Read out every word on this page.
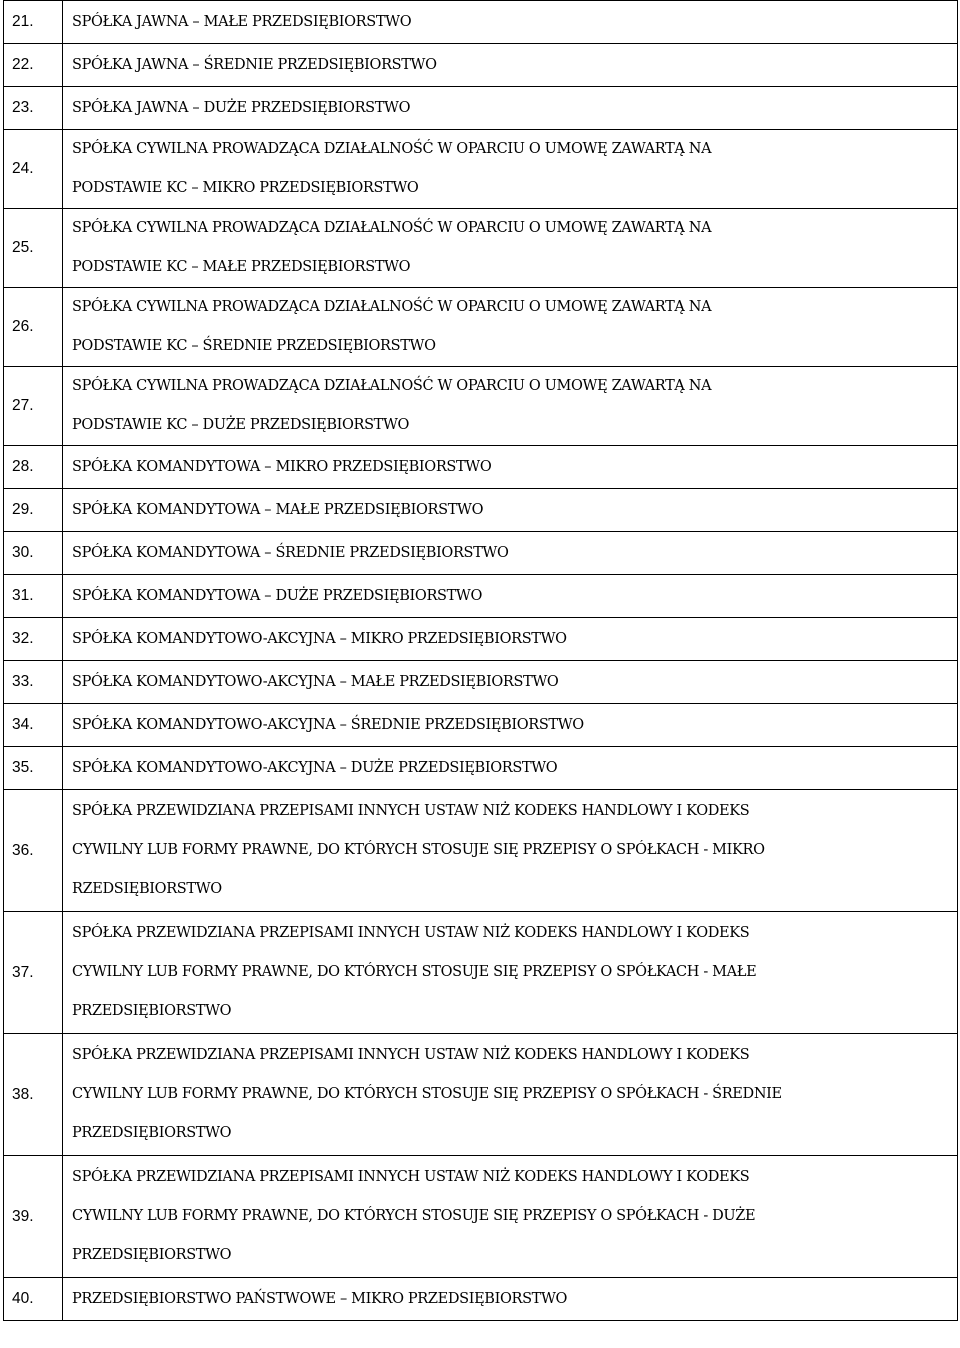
21.	SPÓŁKA JAWNA – MAŁE PRZEDSIĘBIORSTWO

22.	SPÓŁKA JAWNA – ŚREDNIE PRZEDSIĘBIORSTWO

23.	SPÓŁKA JAWNA – DUŻE PRZEDSIĘBIORSTWO

24.	SPÓŁKA CYWILNA PROWADZĄCA DZIAŁALNOŚĆ W OPARCIU O UMOWĘ ZAWARTĄ NA
PODSTAWIE KC – MIKRO PRZEDSIĘBIORSTWO

25.	SPÓŁKA CYWILNA PROWADZĄCA DZIAŁALNOŚĆ W OPARCIU O UMOWĘ ZAWARTĄ NA
PODSTAWIE KC – MAŁE PRZEDSIĘBIORSTWO

26.	SPÓŁKA CYWILNA PROWADZĄCA DZIAŁALNOŚĆ W OPARCIU O UMOWĘ ZAWARTĄ NA
PODSTAWIE KC – ŚREDNIE PRZEDSIĘBIORSTWO

27.	SPÓŁKA CYWILNA PROWADZĄCA DZIAŁALNOŚĆ W OPARCIU O UMOWĘ ZAWARTĄ NA
PODSTAWIE KC – DUŻE PRZEDSIĘBIORSTWO

28.	SPÓŁKA KOMANDYTOWA – MIKRO PRZEDSIĘBIORSTWO

29.	SPÓŁKA KOMANDYTOWA – MAŁE PRZEDSIĘBIORSTWO

30.	SPÓŁKA KOMANDYTOWA – ŚREDNIE PRZEDSIĘBIORSTWO

31.	SPÓŁKA KOMANDYTOWA – DUŻE PRZEDSIĘBIORSTWO

32.	SPÓŁKA KOMANDYTOWO-AKCYJNA – MIKRO PRZEDSIĘBIORSTWO

33.	SPÓŁKA KOMANDYTOWO-AKCYJNA – MAŁE PRZEDSIĘBIORSTWO

34.	SPÓŁKA KOMANDYTOWO-AKCYJNA – ŚREDNIE PRZEDSIĘBIORSTWO

35.	SPÓŁKA KOMANDYTOWO-AKCYJNA – DUŻE PRZEDSIĘBIORSTWO

36.	SPÓŁKA PRZEWIDZIANA PRZEPISAMI INNYCH USTAW NIŻ KODEKS HANDLOWY I KODEKS
CYWILNY LUB FORMY PRAWNE, DO KTÓRYCH STOSUJE SIĘ PRZEPISY O SPÓŁKACH - MIKRO
RZEDSIĘBIORSTWO

37.	SPÓŁKA PRZEWIDZIANA PRZEPISAMI INNYCH USTAW NIŻ KODEKS HANDLOWY I KODEKS
CYWILNY LUB FORMY PRAWNE, DO KTÓRYCH STOSUJE SIĘ PRZEPISY O SPÓŁKACH - MAŁE
PRZEDSIĘBIORSTWO

38.	SPÓŁKA PRZEWIDZIANA PRZEPISAMI INNYCH USTAW NIŻ KODEKS HANDLOWY I KODEKS
CYWILNY LUB FORMY PRAWNE, DO KTÓRYCH STOSUJE SIĘ PRZEPISY O SPÓŁKACH - ŚREDNIE
PRZEDSIĘBIORSTWO

39.	SPÓŁKA PRZEWIDZIANA PRZEPISAMI INNYCH USTAW NIŻ KODEKS HANDLOWY I KODEKS
CYWILNY LUB FORMY PRAWNE, DO KTÓRYCH STOSUJE SIĘ PRZEPISY O SPÓŁKACH - DUŻE
PRZEDSIĘBIORSTWO

40.	PRZEDSIĘBIORSTWO PAŃSTWOWE – MIKRO PRZEDSIĘBIORSTWO
